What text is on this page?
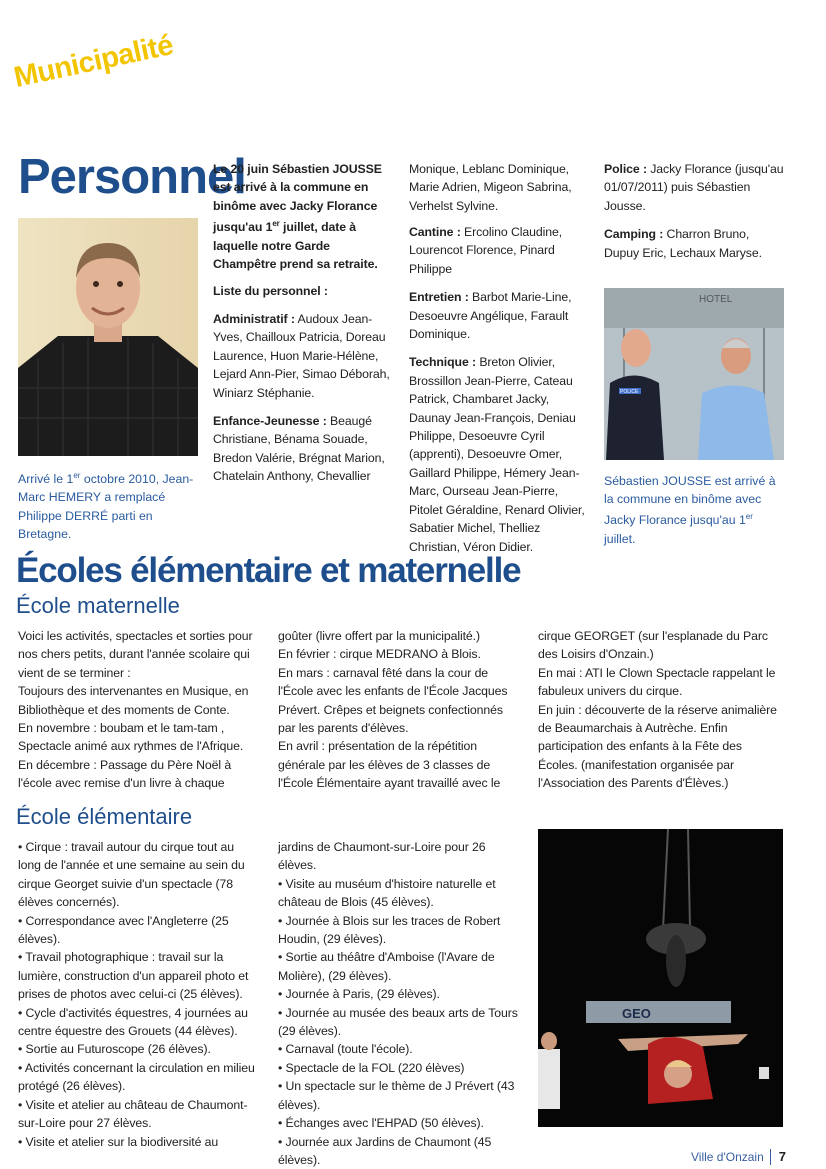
Municipalité
Personnel
Arrivé le 1er octobre 2010, Jean-Marc HEMERY a remplacé Philippe DERRÉ parti en Bretagne.

Le 20 juin Sébastien JOUSSE est arrivé à la commune en binôme avec Jacky Florance jusqu'au 1er juillet, date à laquelle notre Garde Champêtre prend sa retraite.

Liste du personnel :

Administratif : Audoux Jean-Yves, Chailloux Patricia, Doreau Laurence, Huon Marie-Hélène, Lejard Ann-Pier, Simao Déborah, Winiarz Stéphanie.

Enfance-Jeunesse : Beaugé Christiane, Bénama Souade, Bredon Valérie, Brégnat Marion, Chatelain Anthony, Chevallier

Monique, Leblanc Dominique, Marie Adrien, Migeon Sabrina, Verhelst Sylvine.

Cantine : Ercolino Claudine, Lourencot Florence, Pinard Philippe

Entretien : Barbot Marie-Line, Desoeuvre Angélique, Farault Dominique.

Technique : Breton Olivier, Brossillon Jean-Pierre, Cateau Patrick, Chambaret Jacky, Daunay Jean-François, Deniau Philippe, Desoeuvre Cyril (apprenti), Desoeuvre Omer, Gaillard Philippe, Hémery Jean-Marc, Ourseau Jean-Pierre, Pitolet Géraldine, Renard Olivier, Sabatier Michel, Thelliez Christian, Véron Didier.

Police : Jacky Florance (jusqu'au 01/07/2011) puis Sébastien Jousse.

Camping : Charron Bruno, Dupuy Eric, Lechaux Maryse.

HOTEL
POLICE
Sébastien JOUSSE est arrivé à la commune en binôme avec Jacky Florance jusqu'au 1er juillet.
Écoles élémentaire et maternelle
École maternelle
Voici les activités, spectacles et sorties pour nos chers petits, durant l'année scolaire qui vient de se terminer :
Toujours des intervenantes en Musique, en Bibliothèque et des moments de Conte.
En novembre : boubam et le tam-tam , Spectacle animé aux rythmes de l'Afrique.
En décembre : Passage du Père Noël à l'école avec remise d'un livre à chaque
goûter (livre offert par la municipalité.)
En février : cirque MEDRANO à Blois.
En mars : carnaval fêté dans la cour de l'École avec les enfants de l'École Jacques Prévert. Crêpes et beignets confectionnés par les parents d'élèves.
En avril : présentation de la répétition générale par les élèves de 3 classes de l'École Élémentaire ayant travaillé avec le
cirque GEORGET (sur l'esplanade du Parc des Loisirs d'Onzain.)
En mai : ATI le Clown Spectacle rappelant le fabuleux univers du cirque.
En juin : découverte de la réserve animalière de Beaumarchais à Autrèche. Enfin participation des enfants à la Fête des Écoles. (manifestation organisée par l'Association des Parents d'Élèves.)
École élémentaire
• Cirque : travail autour du cirque tout au long de l'année et une semaine au sein du cirque Georget suivie d'un spectacle (78 élèves concernés).
• Correspondance avec l'Angleterre (25 élèves).
• Travail photographique : travail sur la lumière, construction d'un appareil photo et prises de photos avec celui-ci (25 élèves).
• Cycle d'activités équestres, 4 journées au centre équestre des Grouets (44 élèves).
• Sortie au Futuroscope (26 élèves).
• Activités concernant la circulation en milieu protégé (26 élèves).
• Visite et atelier au château de Chaumont-sur-Loire pour 27 élèves.
• Visite et atelier sur la biodiversité au
jardins de Chaumont-sur-Loire pour 26 élèves.
• Visite au muséum d'histoire naturelle et château de Blois (45 élèves).
• Journée à Blois sur les traces de Robert Houdin, (29 élèves).
• Sortie au théâtre d'Amboise (l'Avare de Molière), (29 élèves).
• Journée à Paris, (29 élèves).
• Journée au musée des beaux arts de Tours (29 élèves).
• Carnaval (toute l'école).
• Spectacle de la FOL (220 élèves)
• Un spectacle sur le thème de J Prévert (43 élèves).
• Échanges avec l'EHPAD (50 élèves).
• Journée aux Jardins de Chaumont (45 élèves).
GEO
Ville d'Onzain 7
